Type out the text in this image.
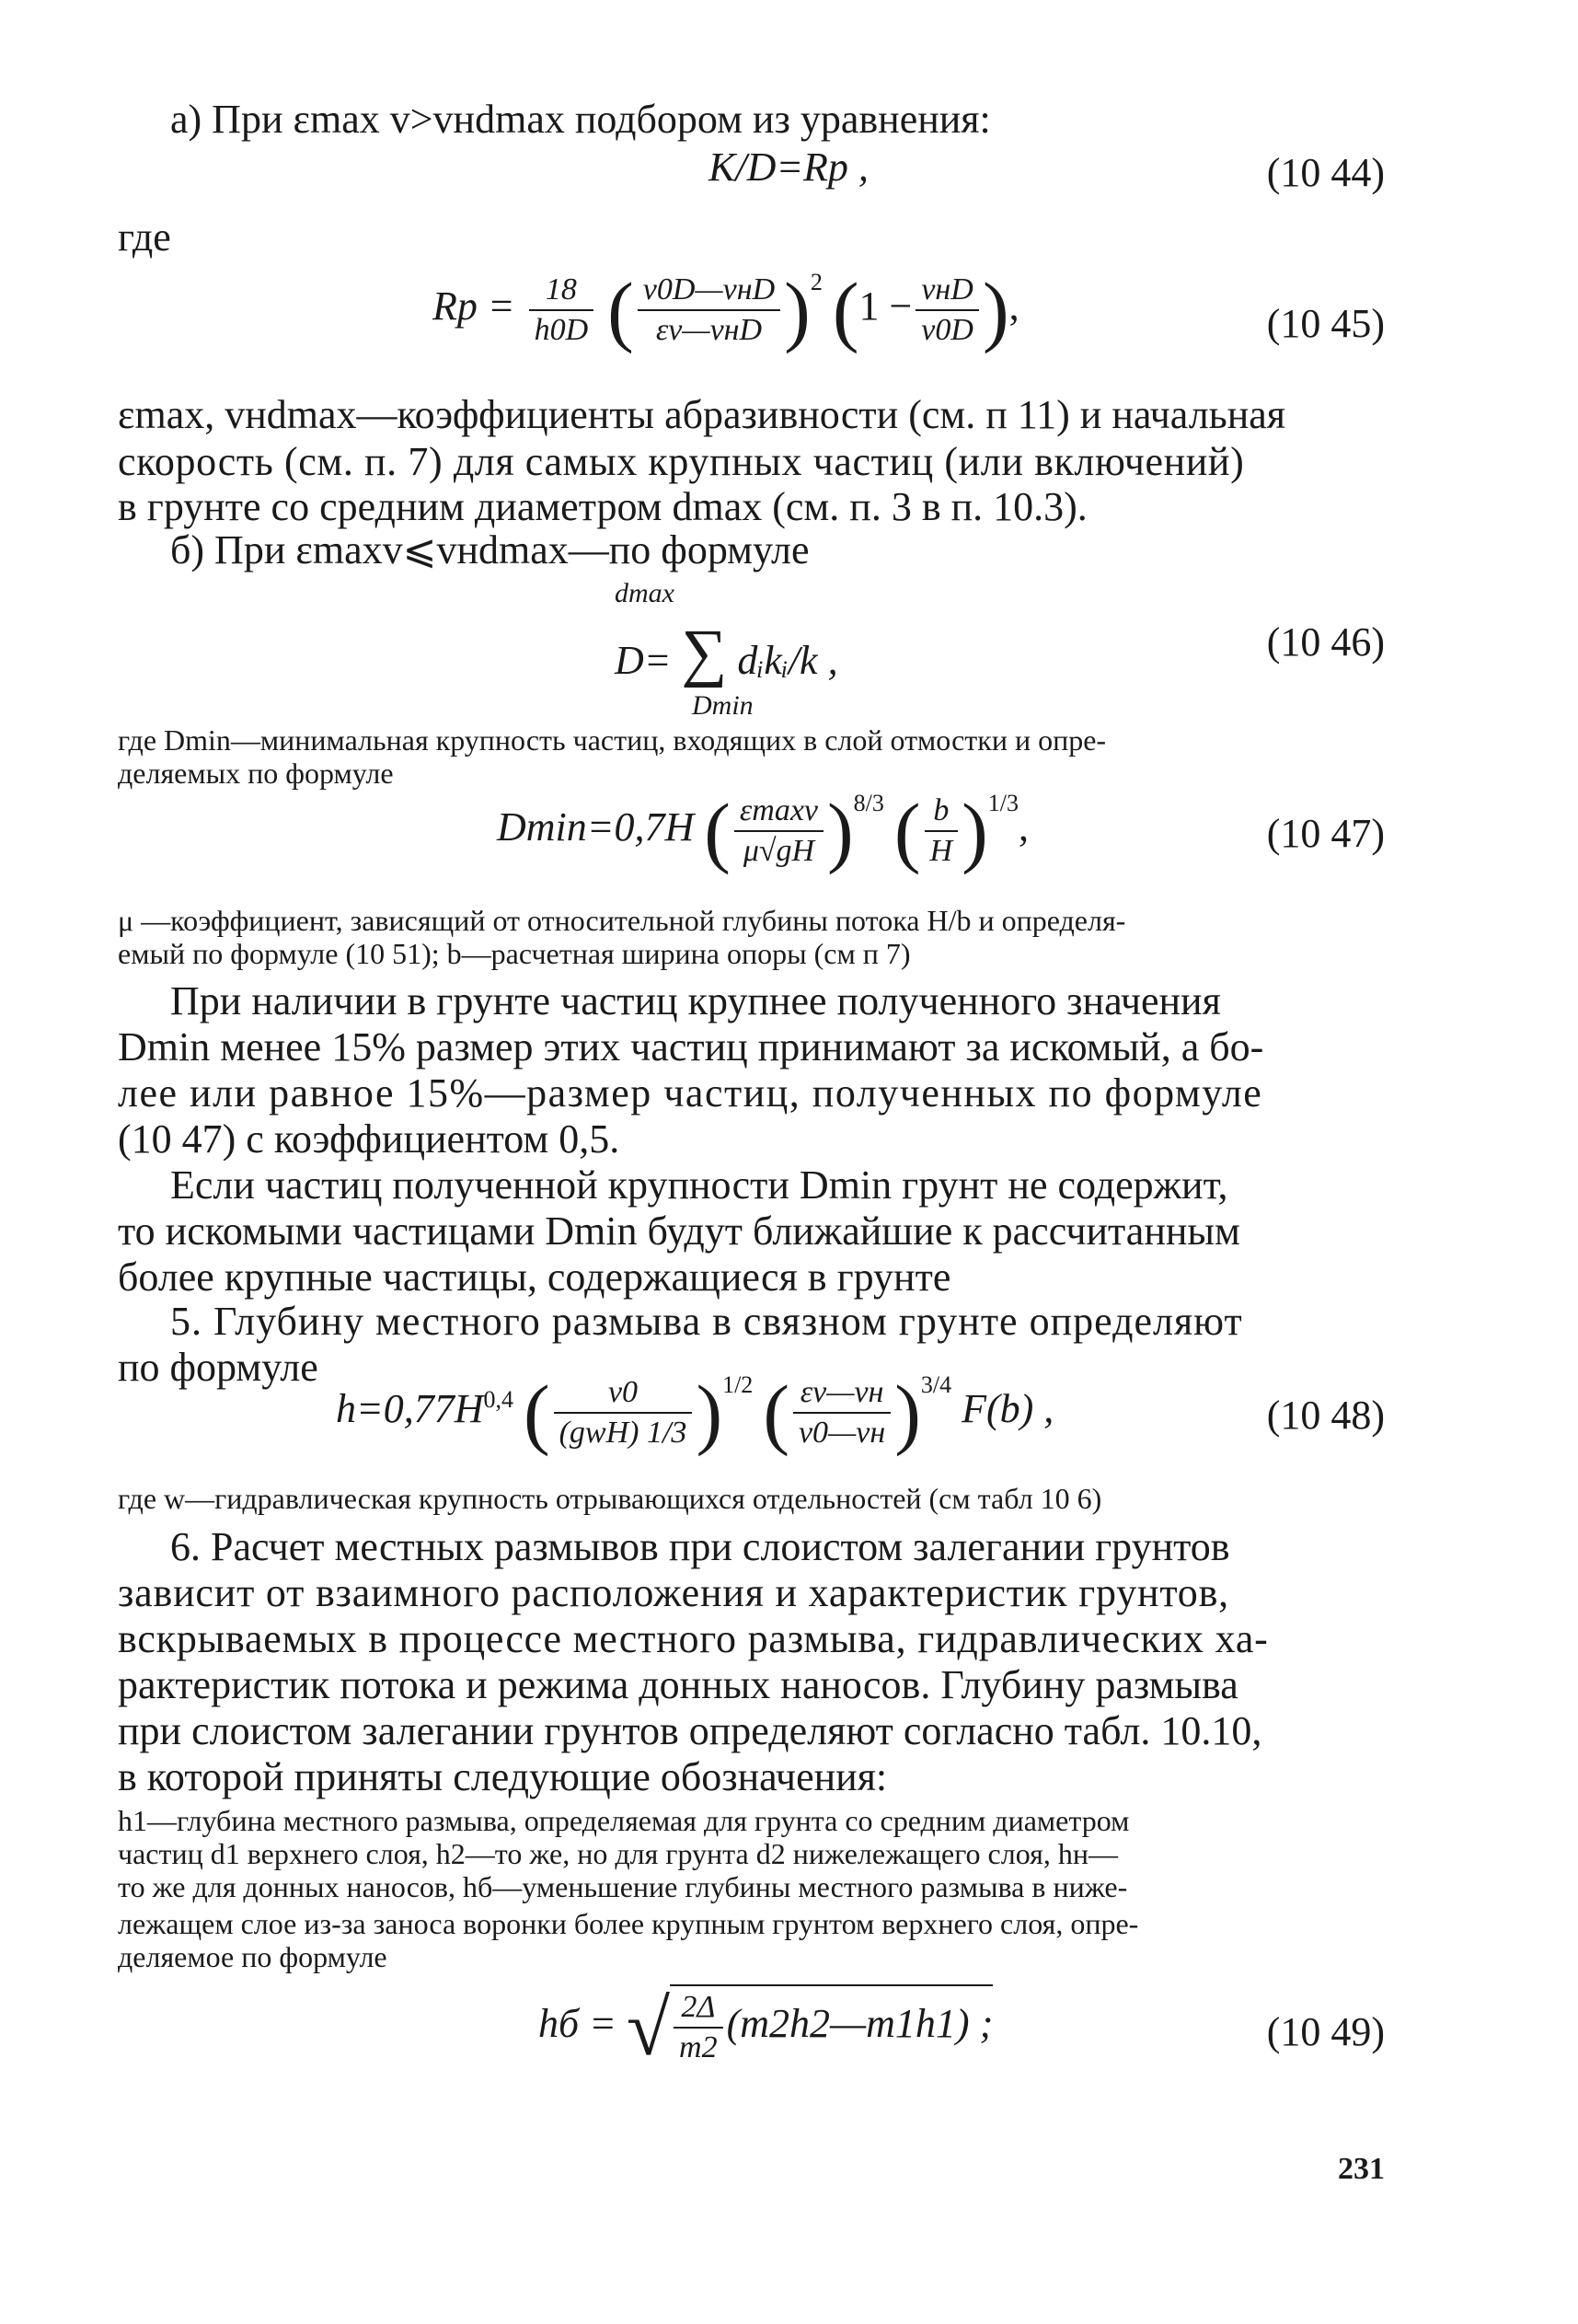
а) При εmax v>vнdmax подбором из уравнения:
K/D=Rp ,	(10 44)
где
$Rp = \frac{18}{h0D}$ ( $\frac{\text{v0D—vнD}}{\text{εv—vнD}} )^2$ ($1 - \frac{\text{vнD}}{v0D}$ ),	(10 45)
εmax, vнdmax—коэффициенты абразивности (см. п 11) и начальная
скорость (см. п. 7) для самых крупных частиц (или включений)
в грунте со средним диаметром dmax (см. п. 3 в п. 10.3).
б) При εmaxv⩽vнdmax—по формуле
dmax
D= ∑ dᵢkᵢ/k ,
Dmin
(10 46)
где Dmin—минимальная крупность частиц, входящих в слой отмостки и опре-
деляемых по формуле
Dmin=0,7H ( $\frac{\varepsilon\max v}{\mu√gH} )^{8/3}$ ( $\frac{b}{H} )^{1/3}$,	(10 47)
μ —коэффициент, зависящий от относительной глубины потока H/b и определя-
емый по формуле (10 51); b—расчетная ширина опоры (см п 7)
При наличии в грунте частиц крупнее полученного значения
Dmin менее 15% размер этих частиц принимают за искомый, а бо-
лее или равное 15%—размер частиц, полученных по формуле
(10 47) с коэффициентом 0,5.
Если частиц полученной крупности Dmin грунт не содержит,
то искомыми частицами Dmin будут ближайшие к рассчитанным
более крупные частицы, содержащиеся в грунте
5. Глубину местного размыва в связном грунте определяют
по формуле
$h=0,77H^{0,4}$ ( $\frac{v0}{\text{(gwH) 1/3}} )^{1/2}$ ( $\frac{\varepsilon v—vн}{v0—vн} )^{3/4}$ F(b) ,	(10 48)
где w—гидравлическая крупность отрывающихся отдельностей (см табл 10 6)
6. Расчет местных размывов при слоистом залегании грунтов
зависит от взаимного расположения и характеристик грунтов,
вскрываемых в процессе местного размыва, гидравлических ха-
рактеристик потока и режима донных наносов. Глубину размыва
при слоистом залегании грунтов определяют согласно табл. 10.10,
в которой приняты следующие обозначения:
h1—глубина местного размыва, определяемая для грунта со средним диаметром
частиц d1 верхнего слоя, h2—то же, но для грунта d2 нижележащего слоя, hн—
то же для донных наносов, hб—уменьшение глубины местного размыва в ниже-
лежащем слое из-за заноса воронки более крупным грунтом верхнего слоя, опре-
деляемое по формуле
hб = √ $\frac{2\Delta}{m2}$ (m2h2—m1h1) ;	(10 49)
231
